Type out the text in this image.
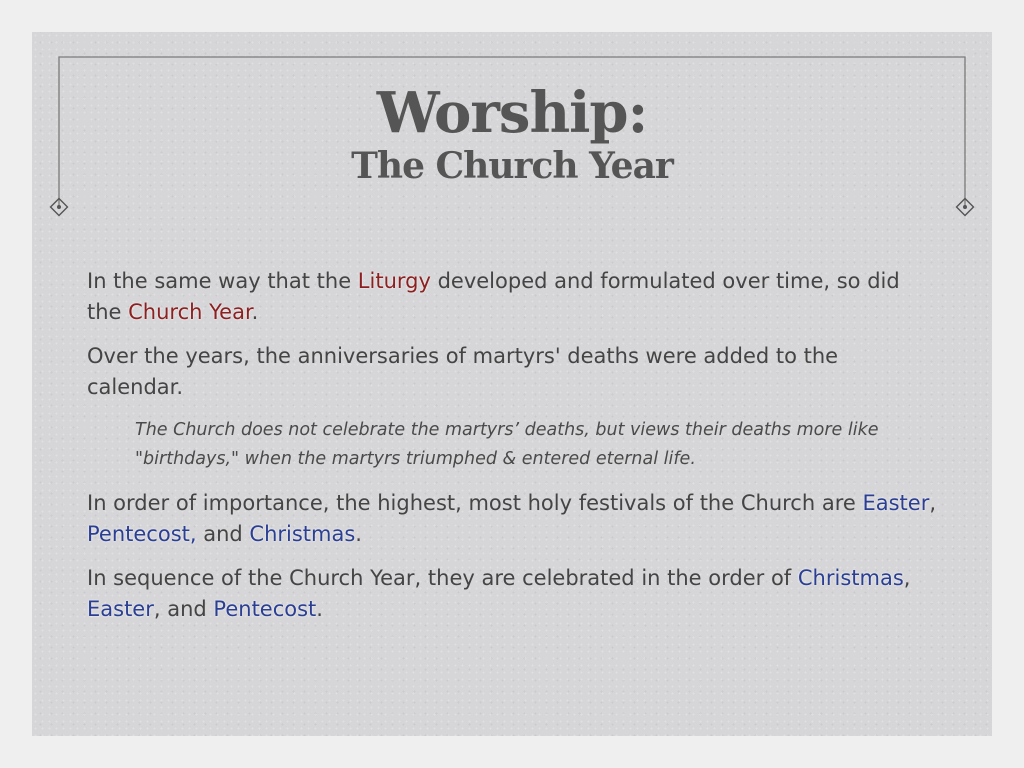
Worship:
The Church Year

In the same way that the Liturgy developed and formulated over time, so did the Church Year.

Over the years, the anniversaries of martyrs' deaths were added to the calendar.

The Church does not celebrate the martyrs’ deaths, but views their deaths more like "birthdays," when the martyrs triumphed & entered eternal life.

In order of importance, the highest, most holy festivals of the Church are Easter, Pentecost, and Christmas.

In sequence of the Church Year, they are celebrated in the order of Christmas, Easter, and Pentecost.
